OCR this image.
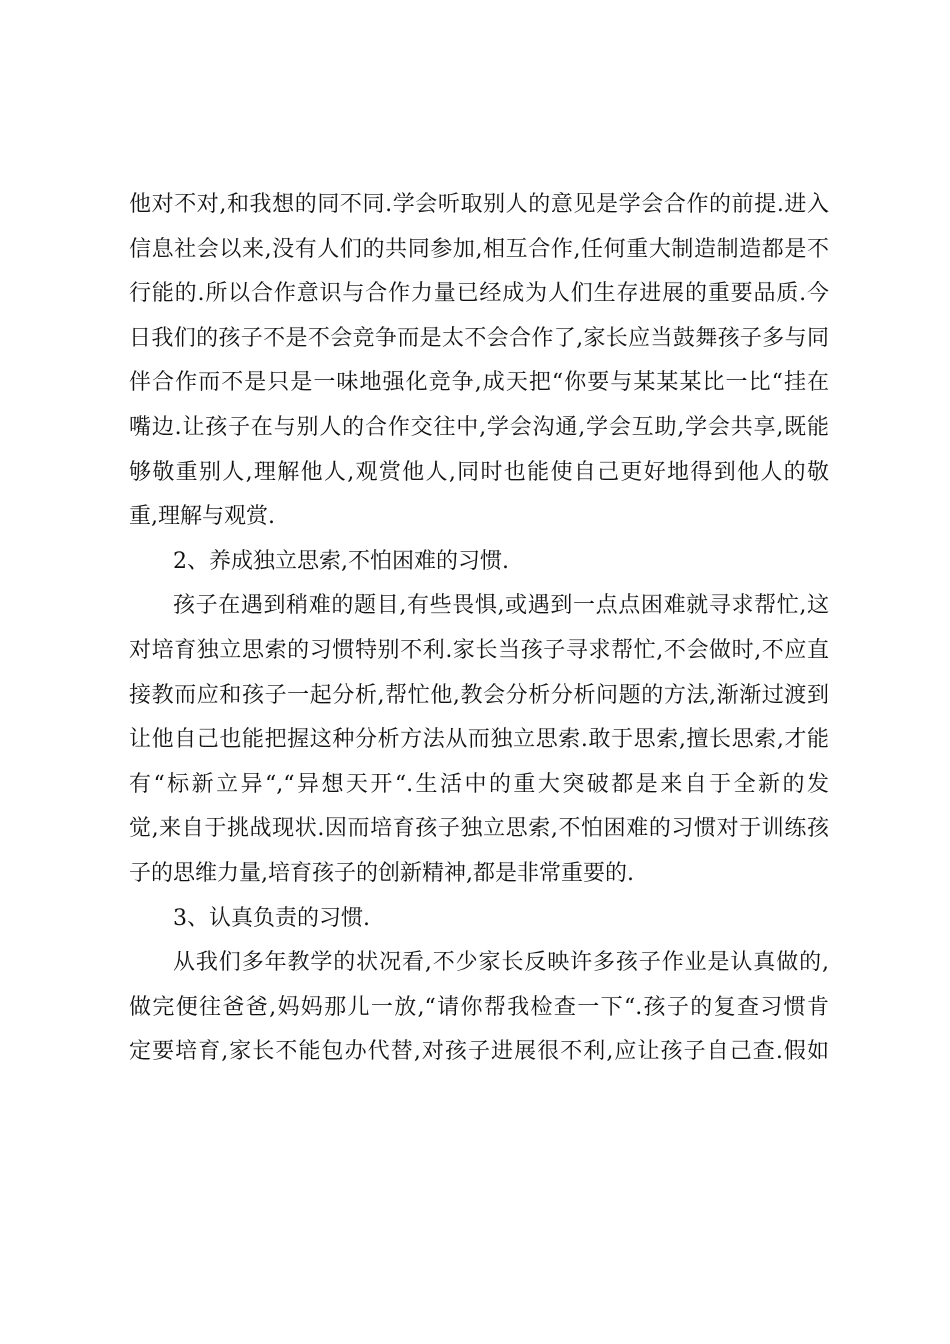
他对不对,和我想的同不同.学会听取别人的意见是学会合作的前提.进入
信息社会以来,没有人们的共同参加,相互合作,任何重大制造制造都是不
行能的.所以合作意识与合作力量已经成为人们生存进展的重要品质.今
日我们的孩子不是不会竞争而是太不会合作了,家长应当鼓舞孩子多与同
伴合作而不是只是一味地强化竞争,成天把“你要与某某某比一比“挂在
嘴边.让孩子在与别人的合作交往中,学会沟通,学会互助,学会共享,既能
够敬重别人,理解他人,观赏他人,同时也能使自己更好地得到他人的敬
重,理解与观赏.
2、养成独立思索,不怕困难的习惯.
孩子在遇到稍难的题目,有些畏惧,或遇到一点点困难就寻求帮忙,这
对培育独立思索的习惯特别不利.家长当孩子寻求帮忙,不会做时,不应直
接教而应和孩子一起分析,帮忙他,教会分析分析问题的方法,渐渐过渡到
让他自己也能把握这种分析方法从而独立思索.敢于思索,擅长思索,才能
有“标新立异“,“异想天开“.生活中的重大突破都是来自于全新的发
觉,来自于挑战现状.因而培育孩子独立思索,不怕困难的习惯对于训练孩
子的思维力量,培育孩子的创新精神,都是非常重要的.
3、认真负责的习惯.
从我们多年教学的状况看,不少家长反映许多孩子作业是认真做的,
做完便往爸爸,妈妈那儿一放,“请你帮我检查一下“.孩子的复查习惯肯
定要培育,家长不能包办代替,对孩子进展很不利,应让孩子自己查.假如
